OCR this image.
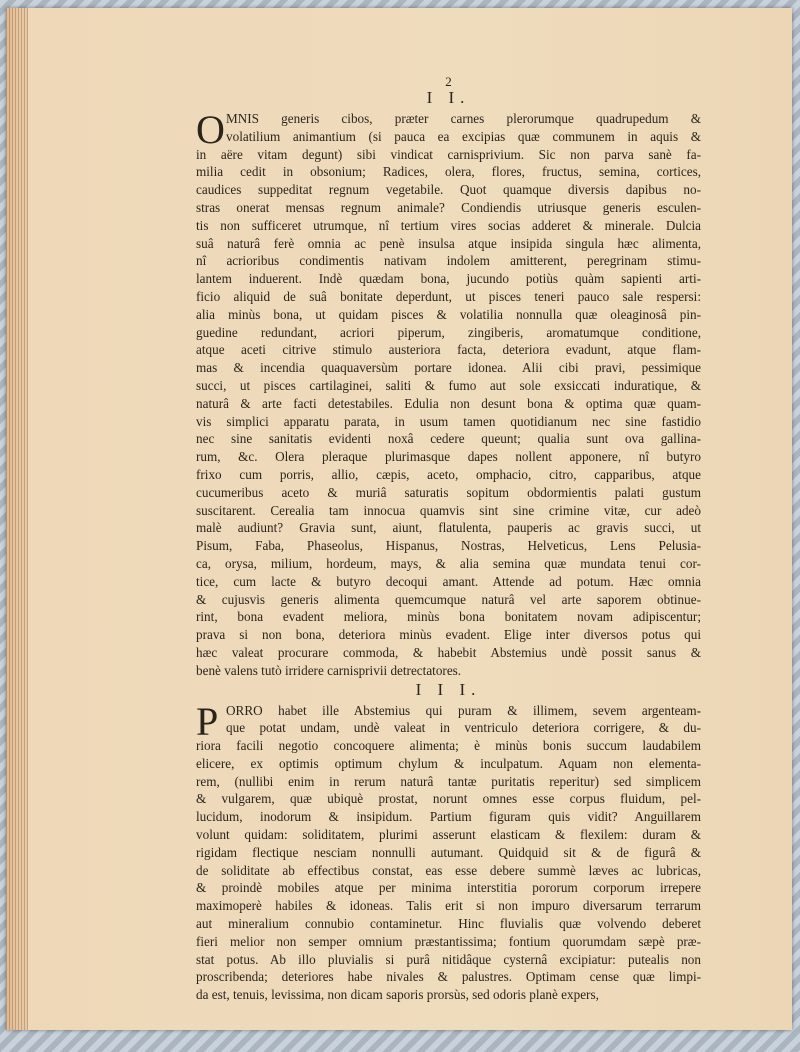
2
I I.
O MNIS generis cibos, præter carnes plerorumque quadrupedum &
volatilium animantium (si pauca ea excipias quæ communem in aquis &
in aëre vitam degunt) sibi vindicat carnisprivium. Sic non parva sanè fa-
milia cedit in obsonium; Radices, olera, flores, fructus, semina, cortices,
caudices suppeditat regnum vegetabile. Quot quamque diversis dapibus no-
stras onerat mensas regnum animale? Condiendis utriusque generis esculen-
tis non sufficeret utrumque, nî tertium vires socias adderet & minerale. Dulcia
suâ naturâ ferè omnia ac penè insulsa atque insipida singula hæc alimenta,
nî acrioribus condimentis nativam indolem amitterent, peregrinam stimu-
lantem induerent. Indè quædam bona, jucundo potiùs quàm sapienti arti-
ficio aliquid de suâ bonitate deperdunt, ut pisces teneri pauco sale respersi:
alia minùs bona, ut quidam pisces & volatilia nonnulla quæ oleaginosâ pin-
guedine redundant, acriori piperum, zingiberis, aromatumque conditione,
atque aceti citrive stimulo austeriora facta, deteriora evadunt, atque flam-
mas & incendia quaquaversùm portare idonea. Alii cibi pravi, pessimique
succi, ut pisces cartilaginei, saliti & fumo aut sole exsiccati induratique, &
naturâ & arte facti detestabiles. Edulia non desunt bona & optima quæ quam-
vis simplici apparatu parata, in usum tamen quotidianum nec sine fastidio
nec sine sanitatis evidenti noxâ cedere queunt; qualia sunt ova gallina-
rum, &c. Olera pleraque plurimasque dapes nollent apponere, nî butyro
frixo cum porris, allio, cæpis, aceto, omphacio, citro, capparibus, atque
cucumeribus aceto & muriâ saturatis sopitum obdormientis palati gustum
suscitarent. Cerealia tam innocua quamvis sint sine crimine vitæ, cur adeò
malè audiunt? Gravia sunt, aiunt, flatulenta, pauperis ac gravis succi, ut
Pisum, Faba, Phaseolus, Hispanus, Nostras, Helveticus, Lens Pelusia-
ca, orysa, milium, hordeum, mays, & alia semina quæ mundata tenui cor-
tice, cum lacte & butyro decoqui amant. Attende ad potum. Hæc omnia
& cujusvis generis alimenta quemcumque naturâ vel arte saporem obtinue-
rint, bona evadent meliora, minùs bona bonitatem novam adipiscentur;
prava si non bona, deteriora minùs evadent. Elige inter diversos potus qui
hæc valeat procurare commoda, & habebit Abstemius undè possit sanus &
benè valens tutò irridere carnisprivii detrectatores.
I I I.
P ORRO habet ille Abstemius qui puram & illimem, sevem argenteam-
que potat undam, undè valeat in ventriculo deteriora corrigere, & du-
riora facili negotio concoquere alimenta; è minùs bonis succum laudabilem
elicere, ex optimis optimum chylum & inculpatum. Aquam non elementa-
rem, (nullibi enim in rerum naturâ tantæ puritatis reperitur) sed simplicem
& vulgarem, quæ ubiquè prostat, norunt omnes esse corpus fluidum, pel-
lucidum, inodorum & insipidum. Partium figuram quis vidit? Anguillarem
volunt quidam: soliditatem, plurimi asserunt elasticam & flexilem: duram &
rigidam flectique nesciam nonnulli autumant. Quidquid sit & de figurâ &
de soliditate ab effectibus constat, eas esse debere summè læves ac lubricas,
& proindè mobiles atque per minima interstitia pororum corporum irrepere
maximoperè habiles & idoneas. Talis erit si non impuro diversarum terrarum
aut mineralium connubio contaminetur. Hinc fluvialis quæ volvendo deberet
fieri melior non semper omnium præstantissima; fontium quorumdam sæpè præ-
stat potus. Ab illo pluvialis si purâ nitidâque cysternâ excipiatur: putealis non
proscribenda; deteriores habe nivales & palustres. Optimam cense quæ limpi-
da est, tenuis, levissima, non dicam saporis prorsùs, sed odoris planè expers,
